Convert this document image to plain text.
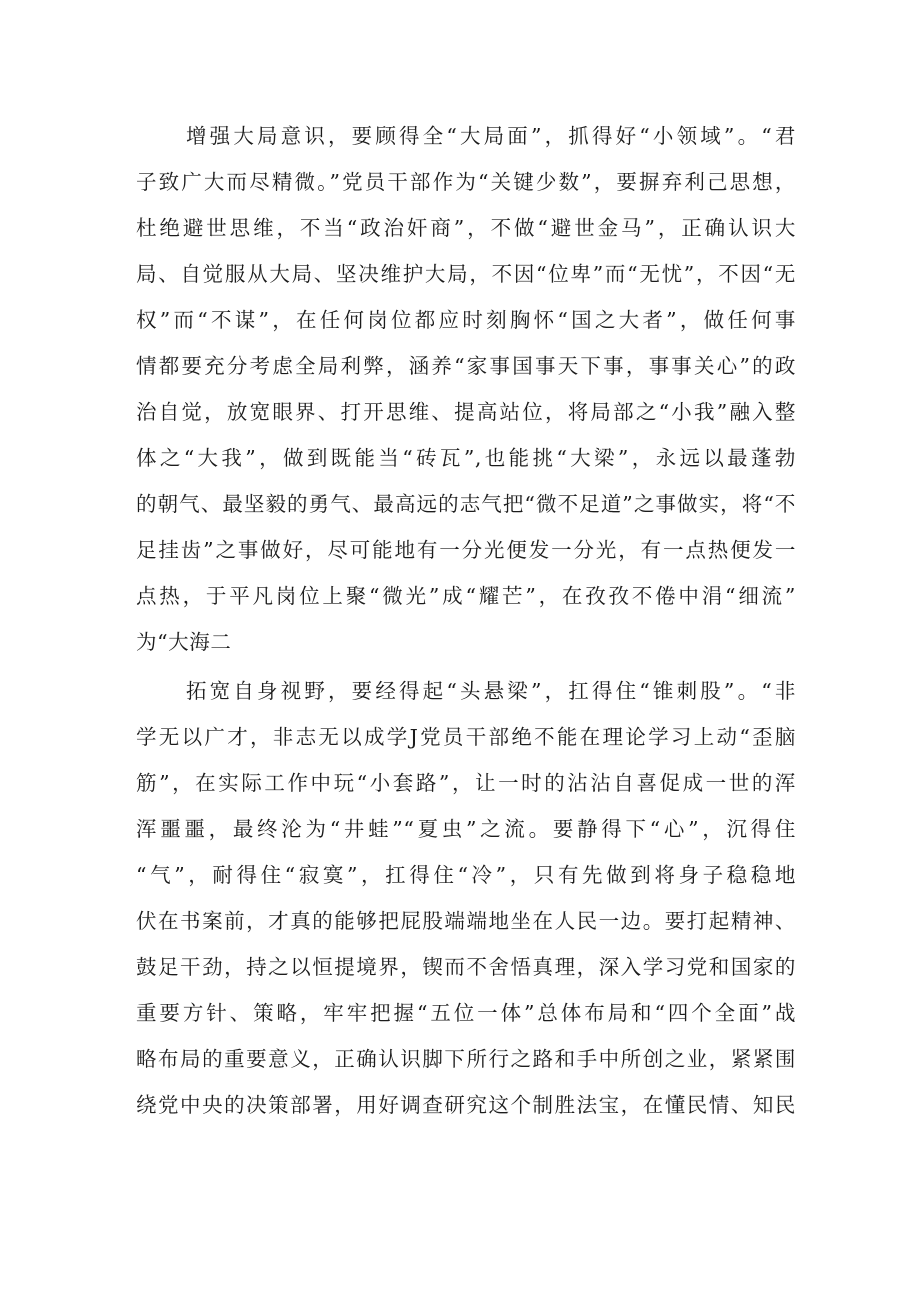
增强大局意识，要顾得全“大局面”，抓得好“小领域”。“君
子致广大而尽精微。”党员干部作为“关键少数”，要摒弃利己思想，
杜绝避世思维，不当“政治奸商”，不做“避世金马”，正确认识大
局、自觉服从大局、坚决维护大局，不因“位卑”而“无忧”，不因“无
权”而“不谋”，在任何岗位都应时刻胸怀“国之大者”，做任何事
情都要充分考虑全局利弊，涵养“家事国事天下事，事事关心”的政
治自觉，放宽眼界、打开思维、提高站位，将局部之“小我”融入整
体之“大我”，做到既能当“砖瓦”,也能挑“大梁”，永远以最蓬勃
的朝气、最坚毅的勇气、最高远的志气把“微不足道”之事做实，将“不
足挂齿”之事做好，尽可能地有一分光便发一分光，有一点热便发一
点热，于平凡岗位上聚“微光”成“耀芒”，在孜孜不倦中涓“细流”
为“大海二
拓宽自身视野，要经得起“头悬梁”，扛得住“锥刺股”。“非
学无以广才，非志无以成学J党员干部绝不能在理论学习上动“歪脑
筋”，在实际工作中玩“小套路”，让一时的沾沾自喜促成一世的浑
浑噩噩，最终沦为“井蛙”“夏虫”之流。要静得下“心”，沉得住
“气”，耐得住“寂寞”，扛得住“冷”，只有先做到将身子稳稳地
伏在书案前，才真的能够把屁股端端地坐在人民一边。要打起精神、
鼓足干劲，持之以恒提境界，锲而不舍悟真理，深入学习党和国家的
重要方针、策略，牢牢把握“五位一体”总体布局和“四个全面”战
略布局的重要意义，正确认识脚下所行之路和手中所创之业，紧紧围
绕党中央的决策部署，用好调查研究这个制胜法宝，在懂民情、知民
